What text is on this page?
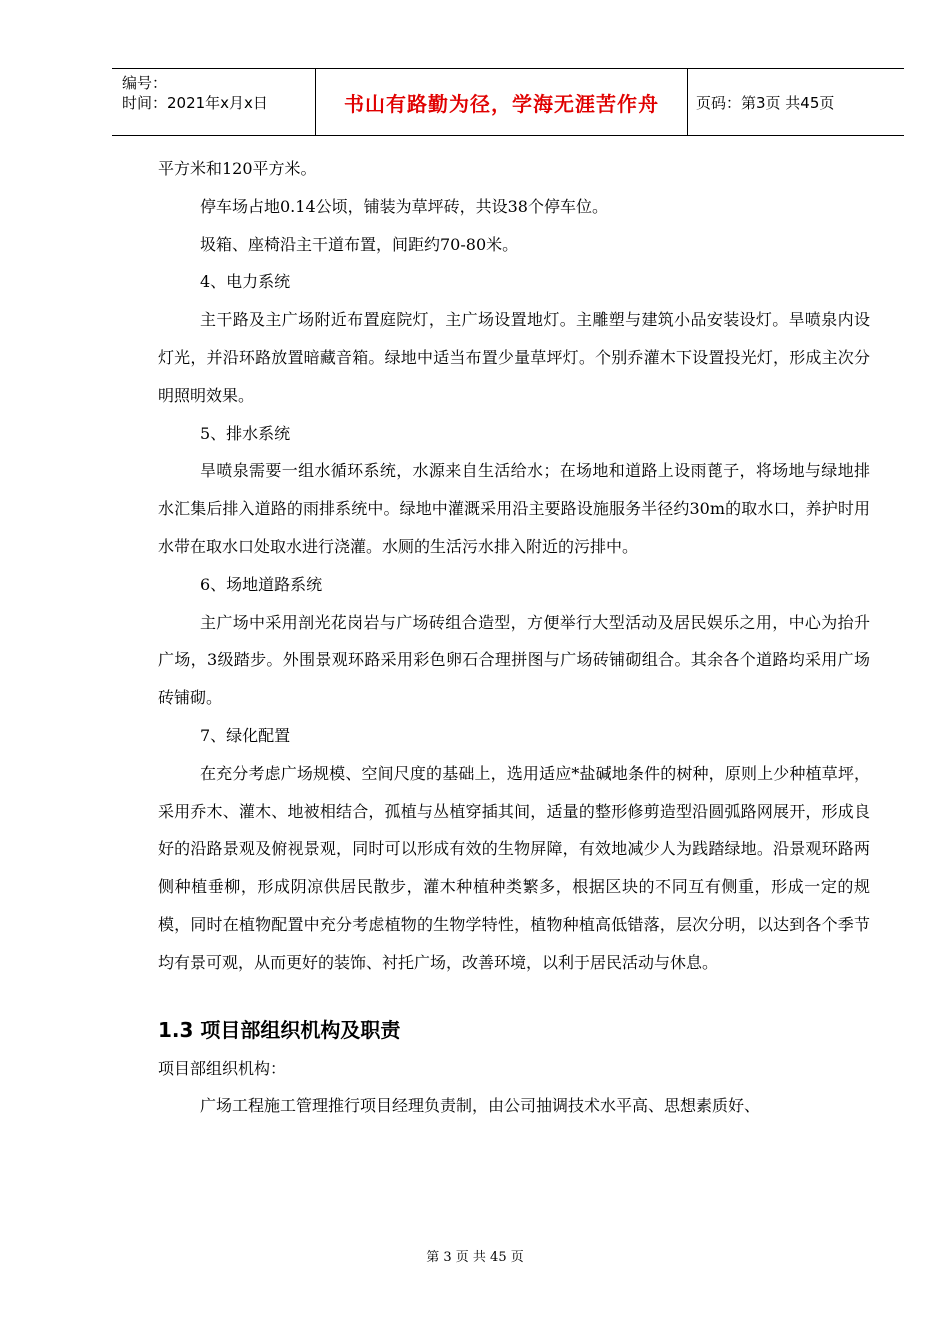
编号：
时间：2021年x月x日	书山有路勤为径，学海无涯苦作舟 页码：第3页 共45页

平方米和120平方米。

停车场占地0.14公顷，铺装为草坪砖，共设38个停车位。

圾箱、座椅沿主干道布置，间距约70-80米。

4、电力系统

主干路及主广场附近布置庭院灯，主广场设置地灯。主雕塑与建筑小品安装设灯。旱喷泉内设灯光，并沿环路放置暗藏音箱。绿地中适当布置少量草坪灯。个别乔灌木下设置投光灯，形成主次分明照明效果。

5、排水系统

旱喷泉需要一组水循环系统，水源来自生活给水；在场地和道路上设雨蓖子，将场地与绿地排水汇集后排入道路的雨排系统中。绿地中灌溉采用沿主要路设施服务半径约30m的取水口，养护时用水带在取水口处取水进行浇灌。水厕的生活污水排入附近的污排中。

6、场地道路系统

主广场中采用剖光花岗岩与广场砖组合造型，方便举行大型活动及居民娱乐之用，中心为抬升广场，3级踏步。外围景观环路采用彩色卵石合理拼图与广场砖铺砌组合。其余各个道路均采用广场砖铺砌。

7、绿化配置

在充分考虑广场规模、空间尺度的基础上，选用适应*盐碱地条件的树种，原则上少种植草坪，采用乔木、灌木、地被相结合，孤植与丛植穿插其间，适量的整形修剪造型沿圆弧路网展开，形成良好的沿路景观及俯视景观，同时可以形成有效的生物屏障，有效地减少人为践踏绿地。沿景观环路两侧种植垂柳，形成阴凉供居民散步，灌木种植种类繁多，根据区块的不同互有侧重，形成一定的规模，同时在植物配置中充分考虑植物的生物学特性，植物种植高低错落，层次分明，以达到各个季节均有景可观，从而更好的装饰、衬托广场，改善环境，以利于居民活动与休息。

1.3 项目部组织机构及职责

项目部组织机构：

广场工程施工管理推行项目经理负责制，由公司抽调技术水平高、思想素质好、

第 3 页 共 45 页
